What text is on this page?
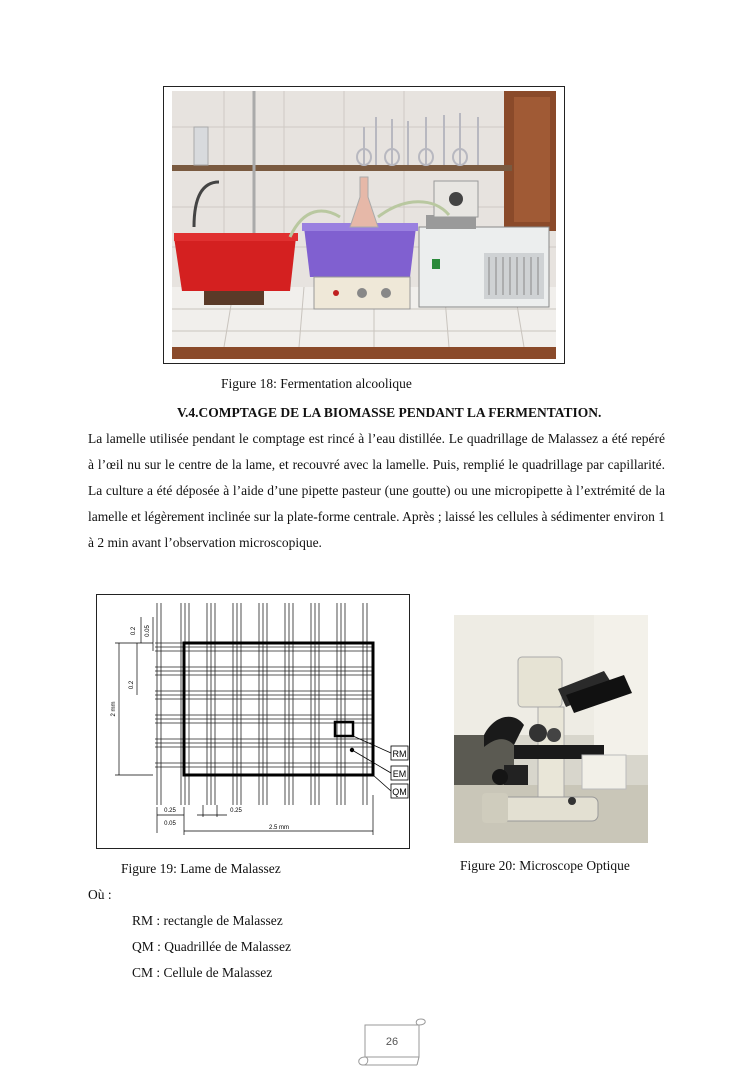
Figure 18: Fermentation alcoolique
V.4.COMPTAGE DE LA BIOMASSE PENDANT LA FERMENTATION.
La lamelle utilisée pendant le comptage est rincé à l’eau distillée. Le quadrillage de Malassez a été repéré à l’œil nu sur le centre de la lame, et recouvré avec la lamelle. Puis, remplié le quadrillage par capillarité. La culture a été déposée à l’aide d’une pipette pasteur (une goutte) ou une micropipette à l’extrémité de la lamelle et légèrement inclinée sur la plate-forme centrale. Après ; laissé les cellules à sédimenter environ 1 à 2 min avant l’observation microscopique.
RM
EM
QM
0.2 0.05
0.2
2 mm
0.25	0.25
0.05
2.5 mm
Figure 19: Lame de Malassez	Figure 20: Microscope Optique
Où :
RM : rectangle de Malassez
QM : Quadrillée de Malassez
CM : Cellule de Malassez
26
